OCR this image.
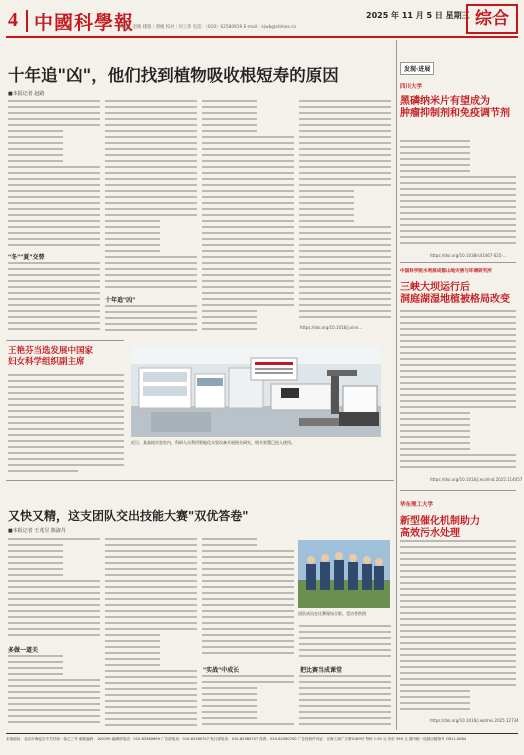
4 中國科學報	2025 年 11 月 5 日 星期三
编辑｜赵路 排版｜郭刚 校对｜何工伟 电话：（010）62580919 E-mail：kjwb@stimes.cn	综合
十年追"凶"，他们找到植物吸收根短寿的原因
■本报记者 赵路
"冬""夏"交替
十年追"凶"
https://doi.org/10.1016/j.xinn...
王艳芬当选发展中国家
妇女科学组织副主席
近日，某高校实验室内，科研人员利用智能化实验设备开展相关研究，相关装置已投入使用。
又快又精，这支团队交出技能大赛"双优答卷"
■本报记者 王兆昱 陈淑丹
多做一道关
"实战"中成长	把比赛当成课堂
团队成员在比赛现场合影。受访者供图
发现·进展
四川大学
黑磷纳米片有望成为
肿瘤抑制剂和免疫调节剂
https://doi.org/10.1038/s41467-025-...
中国科学院水利部成都山地灾害与环境研究所
三峡大坝运行后
洞庭湖湿地植被格局改变
https://doi.org/10.1016/j.ecolind.2025.114057
华东理工大学
新型催化机制助力
高效污水处理
https://doi.org/10.1016/j.watres.2025.12734
本报地址：北京市海淀区中关村南一条乙三号 邮政编码：100190 编辑部电话：010-62580699 广告部电话：010-62580707 发行部电话：010-62580707 传真：010-62580700 广告经营许可证：京海工商广字第0189号 每份 1.50 元 年价 390 元 国内统一连续出版物号 CN11-0084
